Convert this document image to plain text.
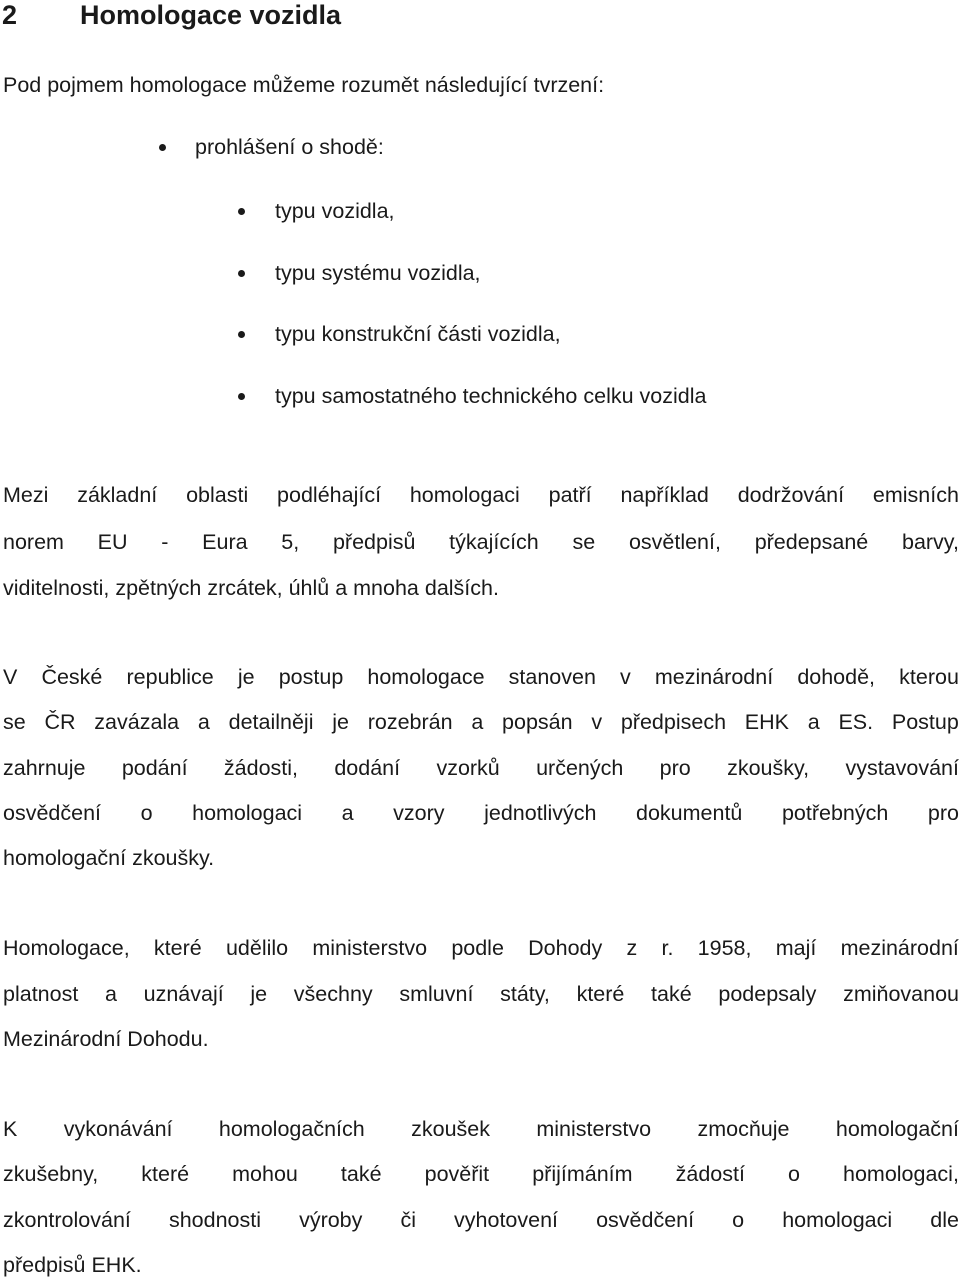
2 Homologace vozidla
Pod pojmem homologace můžeme rozumět následující tvrzení:
prohlášení o shodě:
typu vozidla,
typu systému vozidla,
typu konstrukční části vozidla,
typu samostatného technického celku vozidla
Mezi základní oblasti podléhající homologaci patří například dodržování emisních
norem EU - Eura 5, předpisů týkajících se osvětlení, předepsané barvy,
viditelnosti, zpětných zrcátek, úhlů a mnoha dalších.
V České republice je postup homologace stanoven v mezinárodní dohodě, kterou
se ČR zavázala a detailněji je rozebrán a popsán v předpisech EHK a ES. Postup
zahrnuje podání žádosti, dodání vzorků určených pro zkoušky, vystavování
osvědčení o homologaci a vzory jednotlivých dokumentů potřebných pro
homologační zkoušky.
Homologace, které udělilo ministerstvo podle Dohody z r. 1958, mají mezinárodní
platnost a uznávají je všechny smluvní státy, které také podepsaly zmiňovanou
Mezinárodní Dohodu.
K vykonávání homologačních zkoušek ministerstvo zmocňuje homologační
zkušebny, které mohou také pověřit přijímáním žádostí o homologaci,
zkontrolování shodnosti výroby či vyhotovení osvědčení o homologaci dle
předpisů EHK.
